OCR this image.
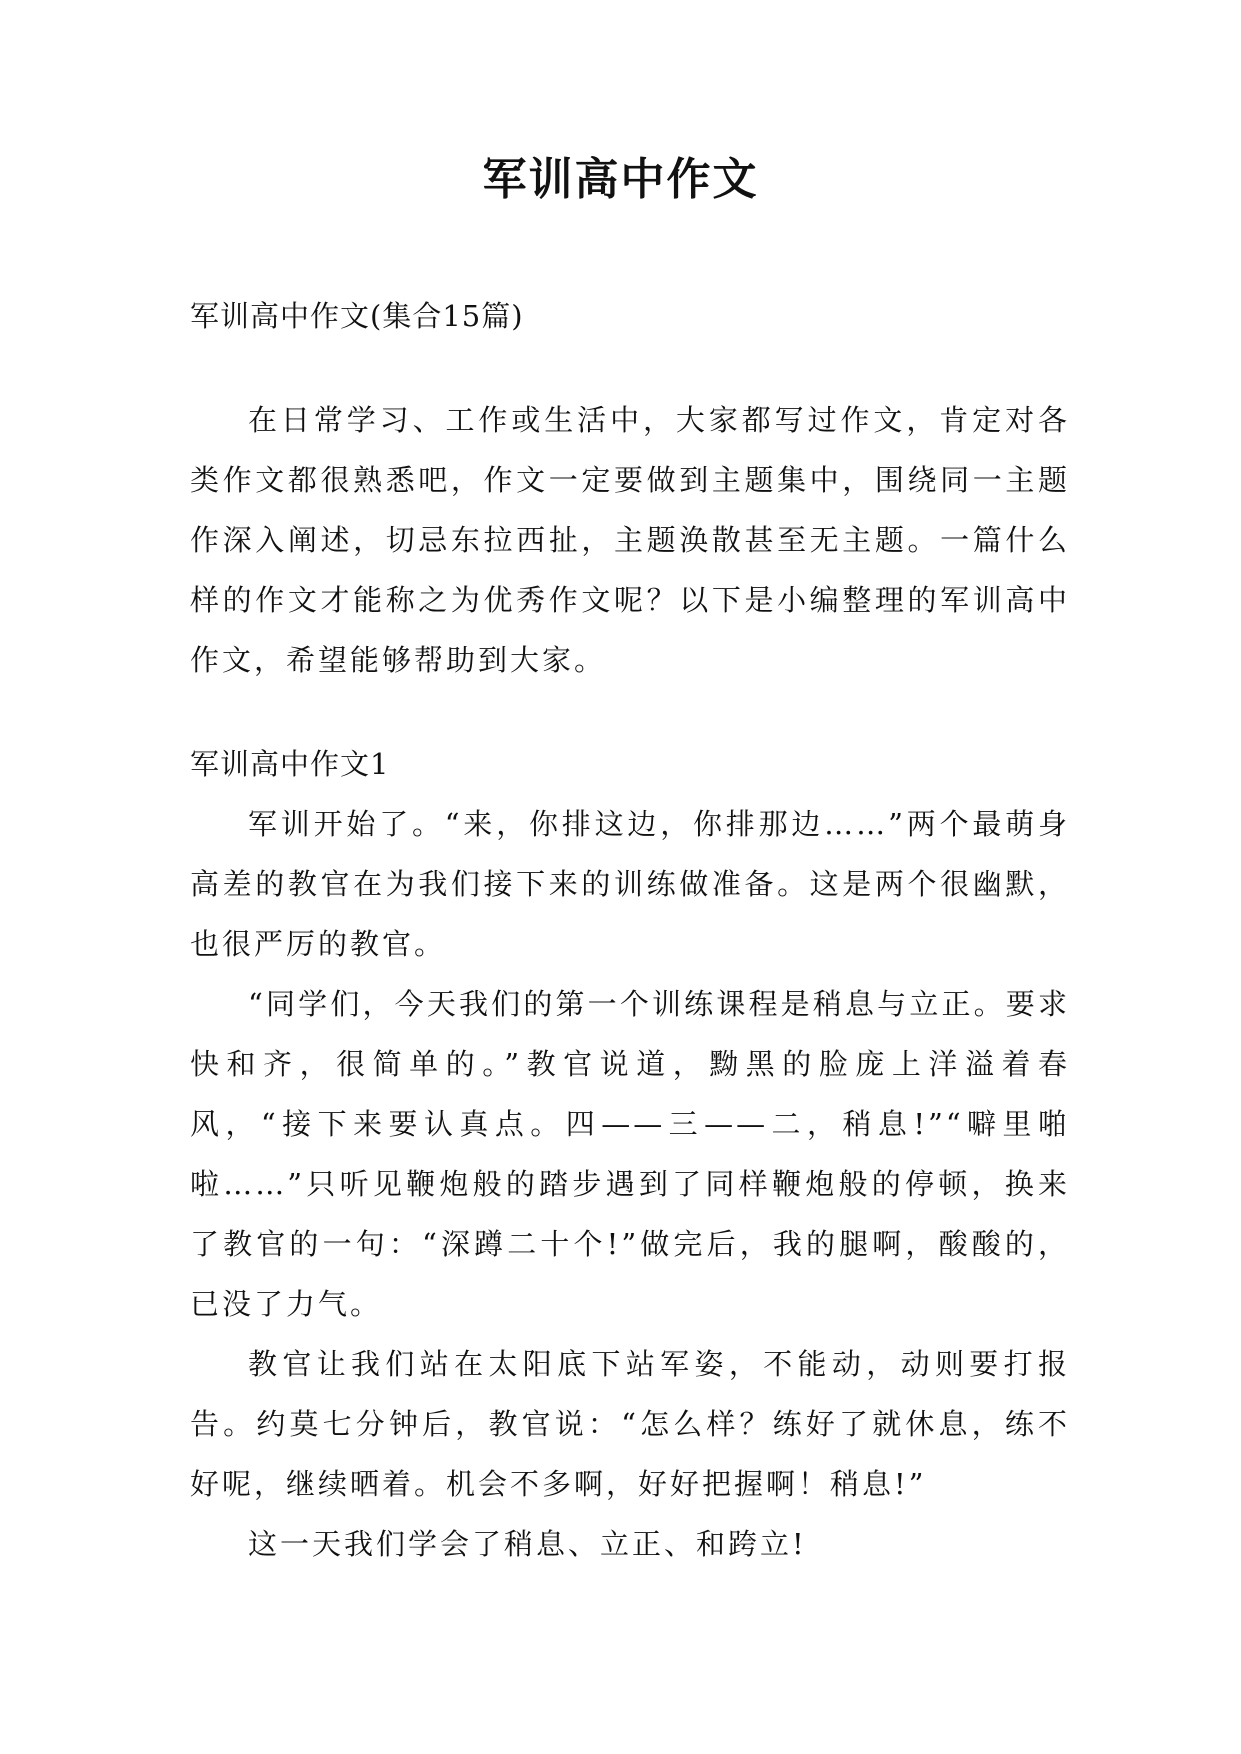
军训高中作文

军训高中作文(集合15篇)

在日常学习、工作或生活中，大家都写过作文，肯定对各类作文都很熟悉吧，作文一定要做到主题集中，围绕同一主题作深入阐述，切忌东拉西扯，主题涣散甚至无主题。一篇什么样的作文才能称之为优秀作文呢？以下是小编整理的军训高中作文，希望能够帮助到大家。

军训高中作文1

军训开始了。“来，你排这边，你排那边……”两个最萌身高差的教官在为我们接下来的训练做准备。这是两个很幽默，也很严厉的教官。

“同学们，今天我们的第一个训练课程是稍息与立正。要求快和齐，很简单的。”教官说道，黝黑的脸庞上洋溢着春风，“接下来要认真点。四——三——二，稍息!”“噼里啪啦……”只听见鞭炮般的踏步遇到了同样鞭炮般的停顿，换来了教官的一句：“深蹲二十个!”做完后，我的腿啊，酸酸的，已没了力气。

教官让我们站在太阳底下站军姿，不能动，动则要打报告。约莫七分钟后，教官说：“怎么样？练好了就休息，练不好呢，继续晒着。机会不多啊，好好把握啊！稍息!”

这一天我们学会了稍息、立正、和跨立!
